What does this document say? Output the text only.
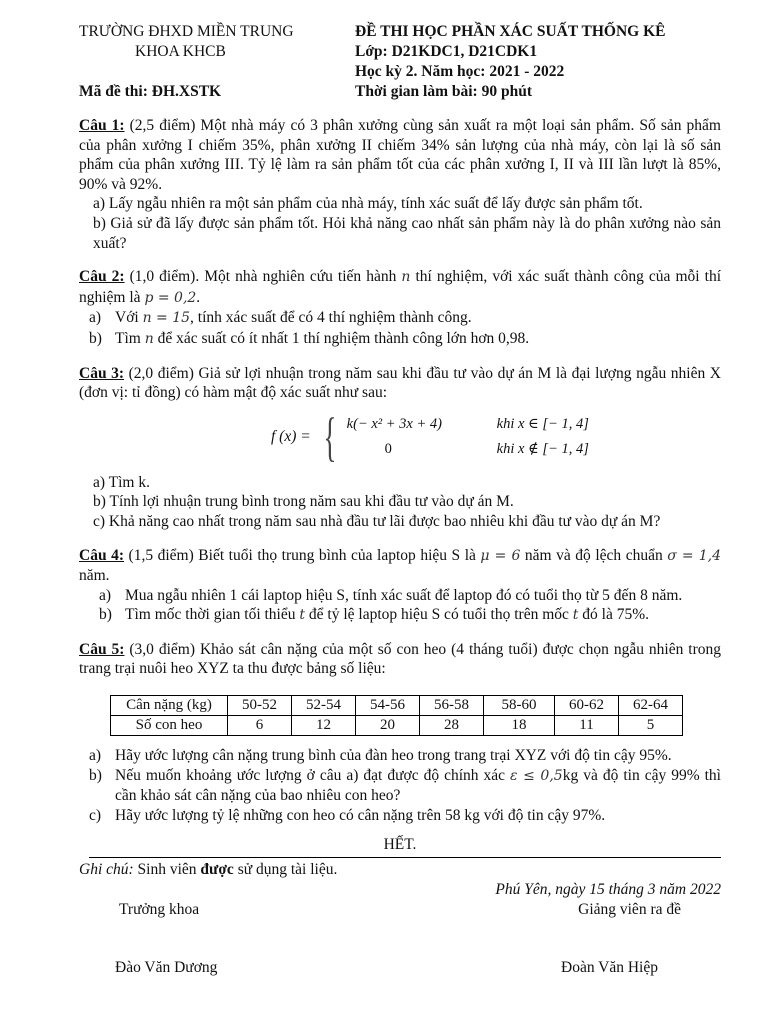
TRƯỜNG ĐHXD MIỀN TRUNG
KHOA KHCB
ĐỀ THI HỌC PHẦN XÁC SUẤT THỐNG KÊ
Lớp: D21KDC1, D21CDK1
Học kỳ 2. Năm học: 2021 - 2022
Mã đề thi: ĐH.XSTK	Thời gian làm bài: 90 phút

Câu 1: (2,5 điểm) Một nhà máy có 3 phân xưởng cùng sản xuất ra một loại sản phẩm. Số sản phẩm của phân xưởng I chiếm 35%, phân xưởng II chiếm 34% sản lượng của nhà máy, còn lại là số sản phẩm của phân xưởng III. Tỷ lệ làm ra sản phẩm tốt của các phân xưởng I, II và III lần lượt là 85%, 90% và 92%.

a) Lấy ngẫu nhiên ra một sản phẩm của nhà máy, tính xác suất để lấy được sản phẩm tốt.

b) Giả sử đã lấy được sản phẩm tốt. Hỏi khả năng cao nhất sản phẩm này là do phân xưởng nào sản xuất?

Câu 2: (1,0 điểm). Một nhà nghiên cứu tiến hành n thí nghiệm, với xác suất thành công của mỗi thí nghiệm là p = 0,2.

a) Với n = 15, tính xác suất để có 4 thí nghiệm thành công.
b) Tìm n để xác suất có ít nhất 1 thí nghiệm thành công lớn hơn 0,98.

Câu 3: (2,0 điểm) Giả sử lợi nhuận trong năm sau khi đầu tư vào dự án M là đại lượng ngẫu nhiên X (đơn vị: tỉ đồng) có hàm mật độ xác suất như sau:

f (x) = { k(− x² + 3x + 4)	khi x ∈ [− 1, 4]
0	khi x ∉ [− 1, 4]

a) Tìm k.

b) Tính lợi nhuận trung bình trong năm sau khi đầu tư vào dự án M.

c) Khả năng cao nhất trong năm sau nhà đầu tư lãi được bao nhiêu khi đầu tư vào dự án M?

Câu 4: (1,5 điểm) Biết tuổi thọ trung bình của laptop hiệu S là μ = 6 năm và độ lệch chuẩn σ = 1,4 năm.

a) Mua ngẫu nhiên 1 cái laptop hiệu S, tính xác suất để laptop đó có tuổi thọ từ 5 đến 8 năm.
b) Tìm mốc thời gian tối thiểu t để tỷ lệ laptop hiệu S có tuổi thọ trên mốc t đó là 75%.

Câu 5: (3,0 điểm) Khảo sát cân nặng của một số con heo (4 tháng tuổi) được chọn ngẫu nhiên trong trang trại nuôi heo XYZ ta thu được bảng số liệu:

Cân nặng (kg)	50-52	52-54	54-56	56-58	58-60	60-62	62-64
Số con heo	6	12	20	28	18	11	5
a) Hãy ước lượng cân nặng trung bình của đàn heo trong trang trại XYZ với độ tin cậy 95%.
b) Nếu muốn khoảng ước lượng ở câu a) đạt được độ chính xác ε ≤ 0,5kg và độ tin cậy 99% thì cần khảo sát cân nặng của bao nhiêu con heo?
c) Hãy ước lượng tỷ lệ những con heo có cân nặng trên 58 kg với độ tin cậy 97%.
HẾT.
Ghi chú: Sinh viên được sử dụng tài liệu.
Phú Yên, ngày 15 tháng 3 năm 2022
Trưởng khoa	Giảng viên ra đề
Đào Văn Dương	Đoàn Văn Hiệp
